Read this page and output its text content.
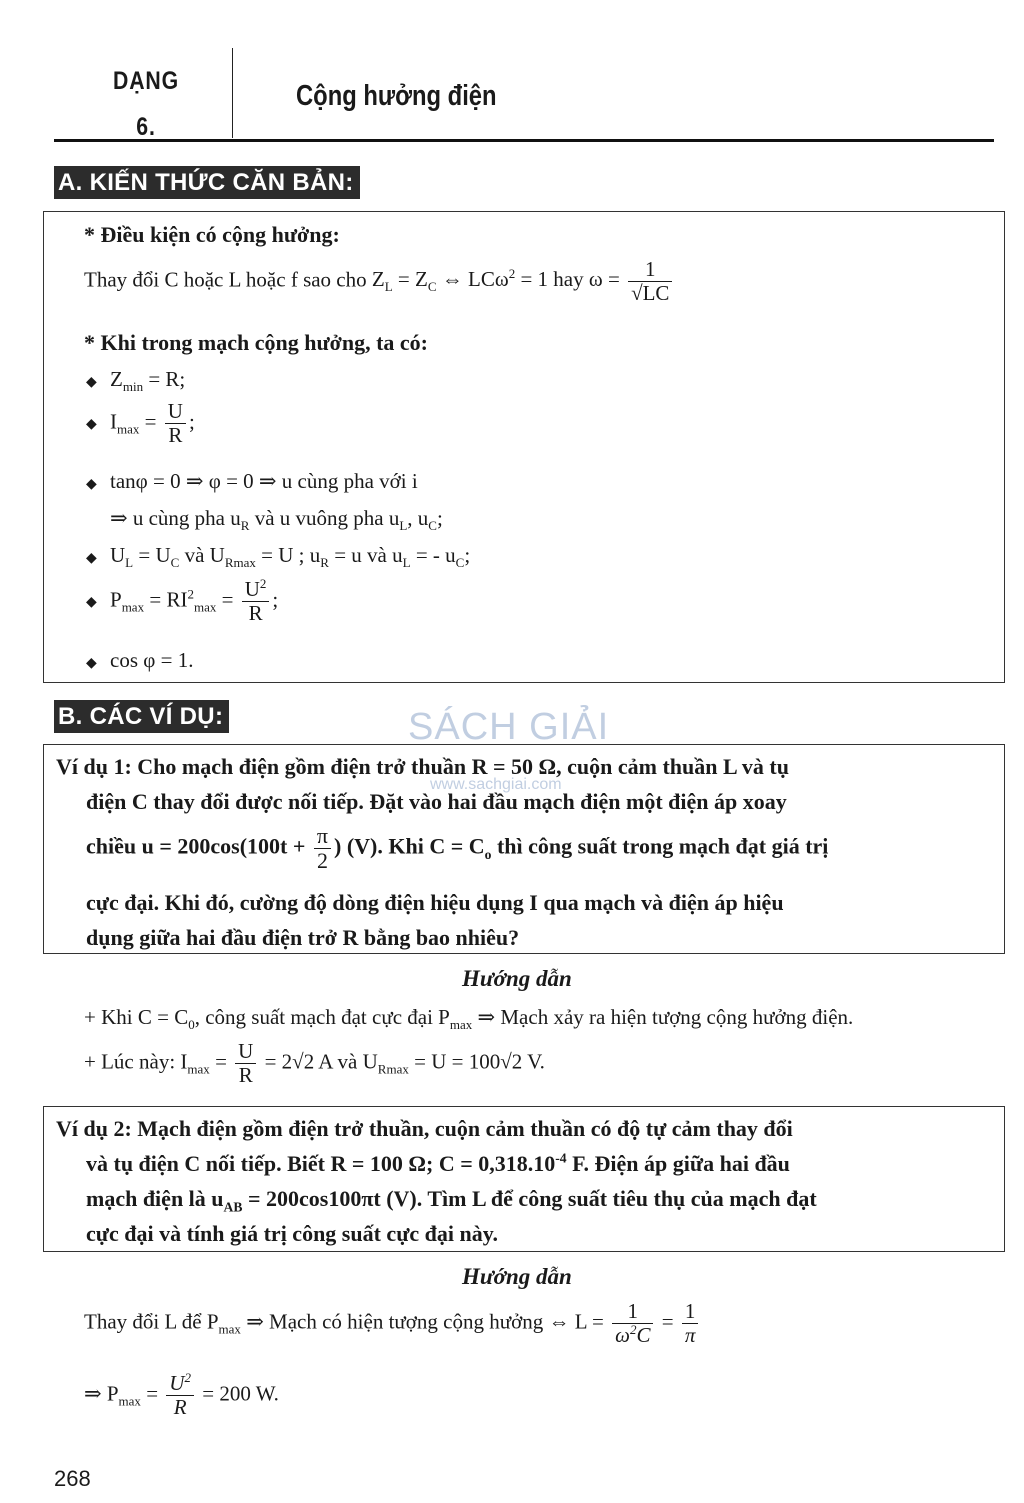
DẠNG
6.
Cộng hưởng điện
A. KIẾN THỨC CĂN BẢN:
* Điều kiện có cộng hưởng:
Thay đổi C hoặc L hoặc f sao cho $Z_L = Z_C$ ⇔ LCω$^2$ = 1 hay $\omega = \frac{1}{√LC}$
* Khi trong mạch cộng hưởng, ta có:
◆ $Z_{min} = R$;
◆ $I_{max} = \frac{U}{R}$ ;
◆ tanφ = 0 ⇒ φ = 0 ⇒ u cùng pha với i
⇒ u cùng pha $u_R$ và u vuông pha $u_L$, $u_C$;
◆ $U_L = U_C$ và $U_{Rmax} = U$ ; $u_R = u$ và $u_L$ = - $u_C$;
◆ $P_{max} = RI^2_{max} = \frac{U^2}{R}$ ;
◆ cos φ = 1.
B. CÁC VÍ DỤ:	SÁCH GIẢI
www.sachgiai.com
Ví dụ 1: Cho mạch điện gồm điện trở thuần R = 50 Ω, cuộn cảm thuần L và tụ
điện C thay đổi được nối tiếp. Đặt vào hai đầu mạch điện một điện áp xoay
chiều $u = 200\cos(100t + \frac{\pi}{2}$ ) (V). Khi $C = C_o$ thì công suất trong mạch đạt giá trị
cực đại. Khi đó, cường độ dòng điện hiệu dụng I qua mạch và điện áp hiệu
dụng giữa hai đầu điện trở R bằng bao nhiêu?
Hướng dẫn
+ Khi $C = C_0$, công suất mạch đạt cực đại $P_{max}$ ⇒ Mạch xảy ra hiện tượng cộng hưởng điện.
+ Lúc này: $I_{max} = \frac{U}{R} = 2√2$ A và $U_{Rmax} = U = 100√2$ V.
Ví dụ 2: Mạch điện gồm điện trở thuần, cuộn cảm thuần có độ tự cảm thay đổi
và tụ điện C nối tiếp. Biết R = 100 Ω; $C = 0,318.10^{-4}$ F. Điện áp giữa hai đầu
mạch điện là $u_{AB} = 200\cos 100\pi t$ (V). Tìm L để công suất tiêu thụ của mạch đạt
cực đại và tính giá trị công suất cực đại này.
Hướng dẫn
Thay đổi L để $P_{max}$ ⇒ Mạch có hiện tượng cộng hưởng ⇔ $L = \frac{1}{\omega^2C} = \frac{1}{\pi}$
⇒ $P_{max} = \frac{U^2}{R} = 200$ W.
268
